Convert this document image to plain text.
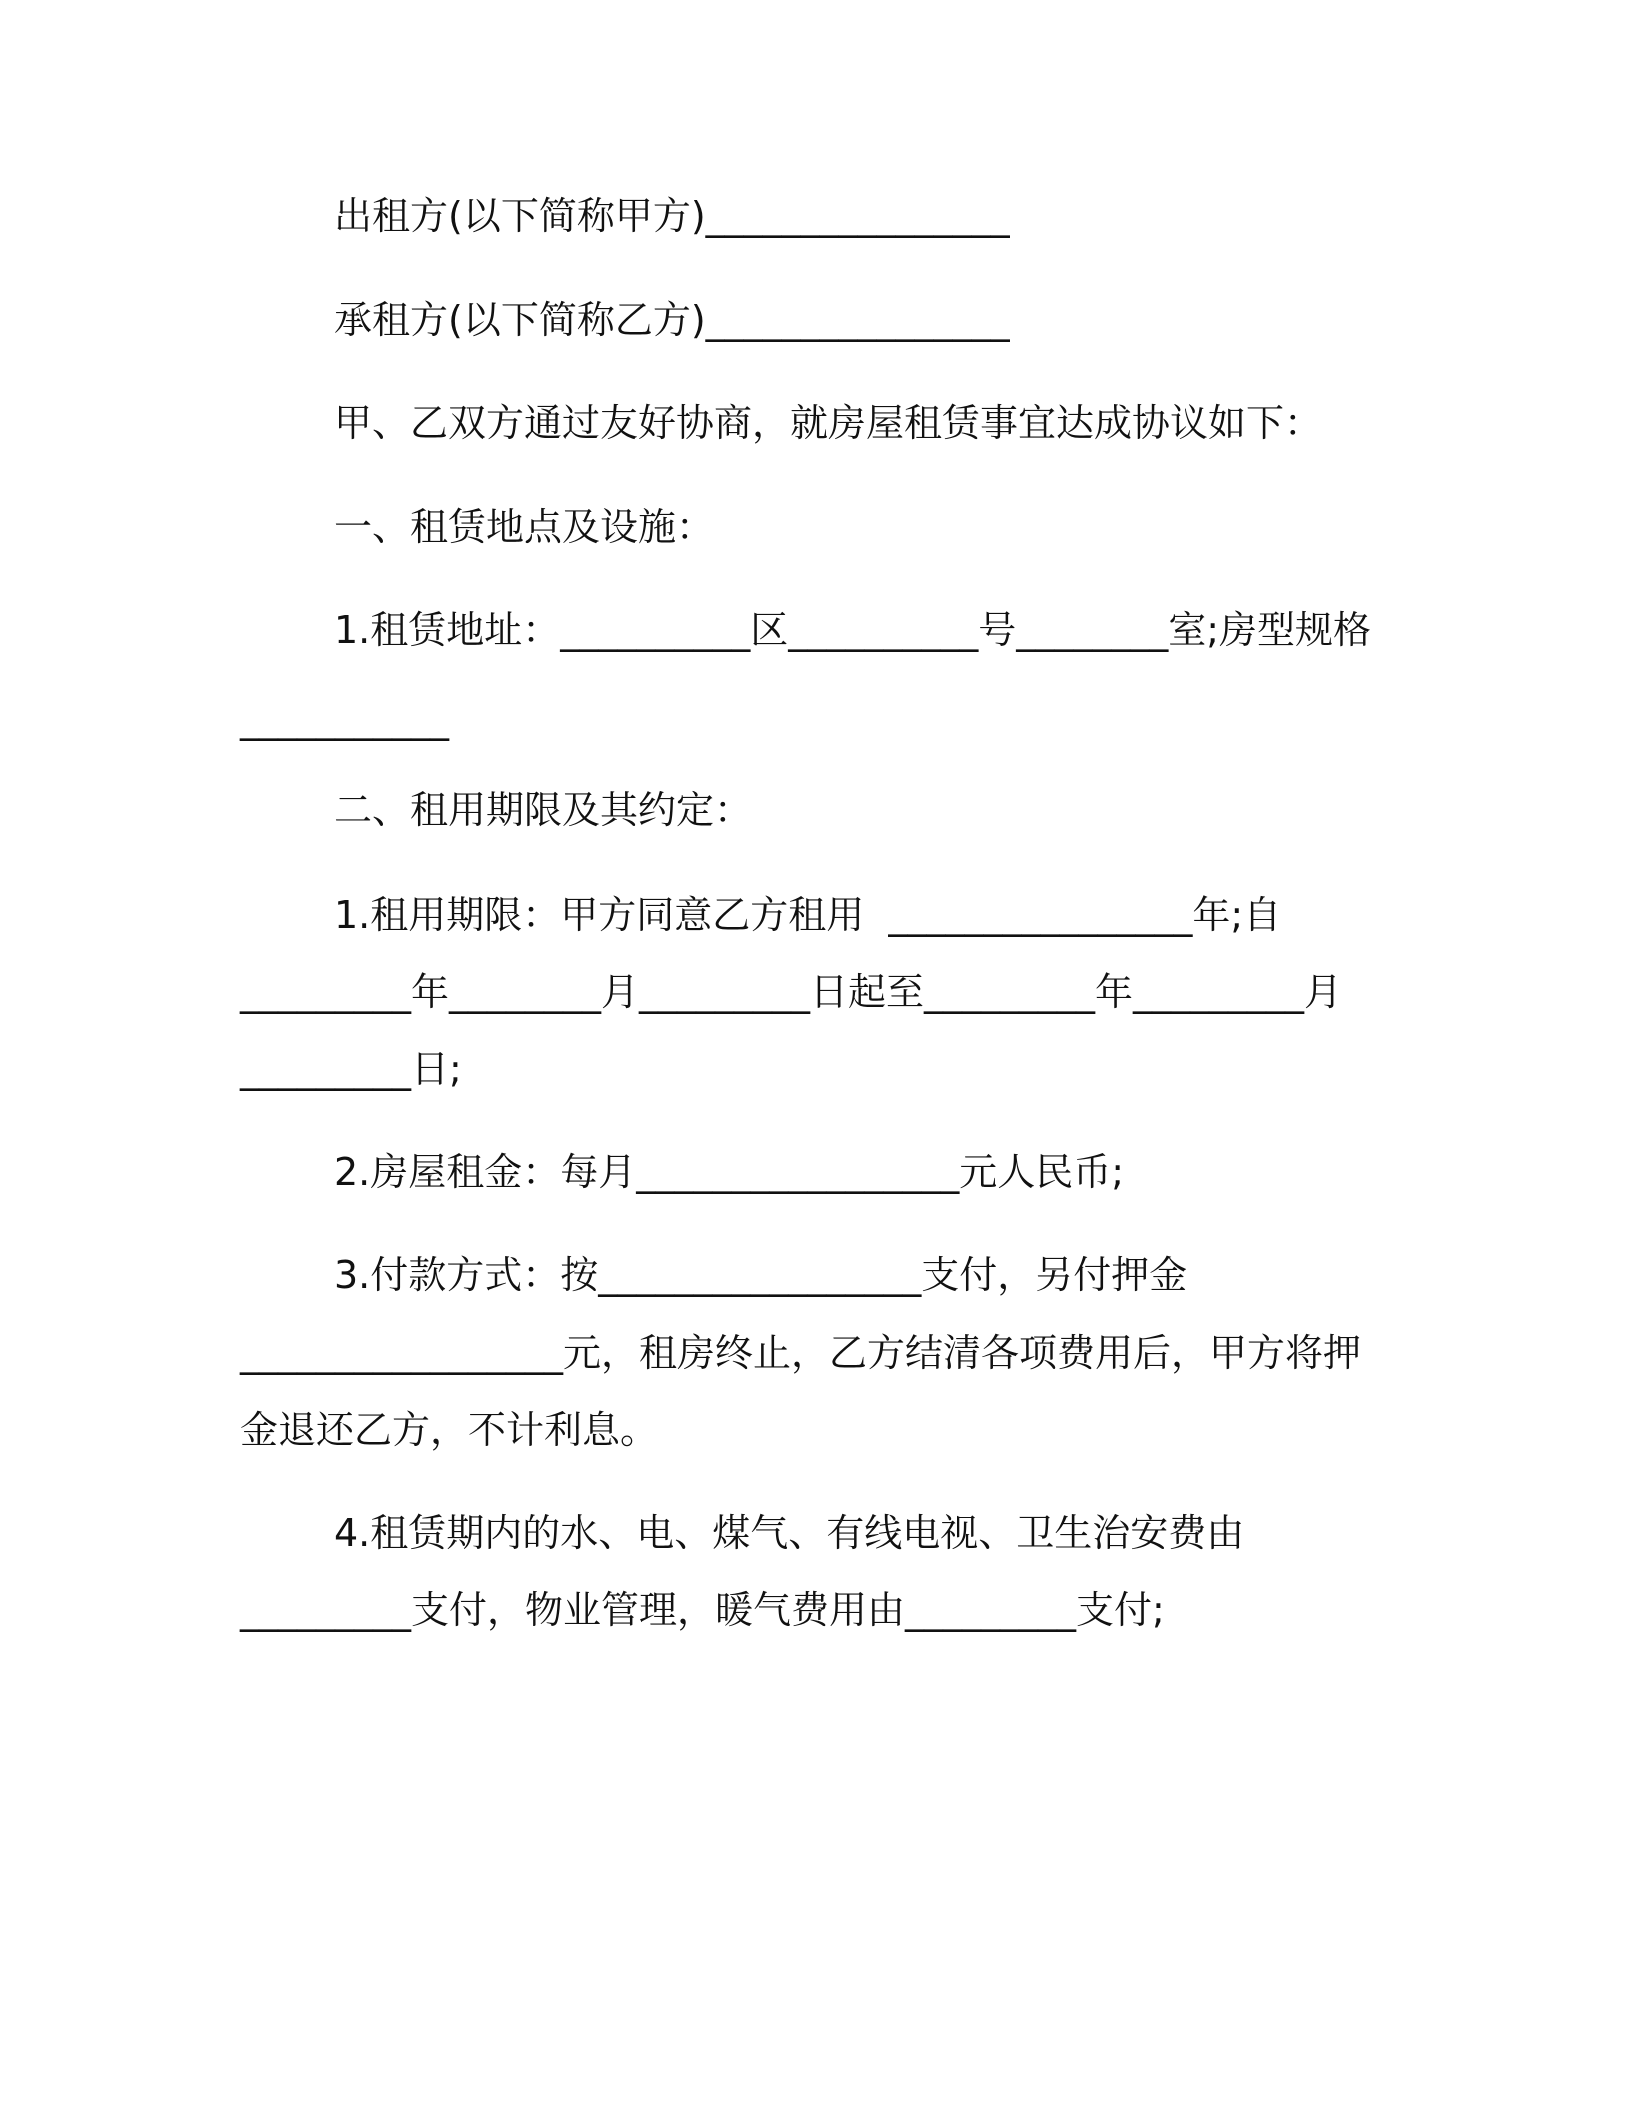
出租方(以下简称甲方)________________
承租方(以下简称乙方)________________
甲、乙双方通过友好协商，就房屋租赁事宜达成协议如下：
一、租赁地点及设施：
1.租赁地址：__________区__________号________室;房型规格
___________
二、租用期限及其约定：
1.租用期限：甲方同意乙方租用  ________________年;自
_________年________月_________日起至_________年_________月
_________日;
2.房屋租金：每月_________________元人民币;
3.付款方式：按_________________支付，另付押金
_________________元，租房终止，乙方结清各项费用后，甲方将押
金退还乙方，不计利息。
4.租赁期内的水、电、煤气、有线电视、卫生治安费由
_________支付，物业管理，暖气费用由_________支付;
